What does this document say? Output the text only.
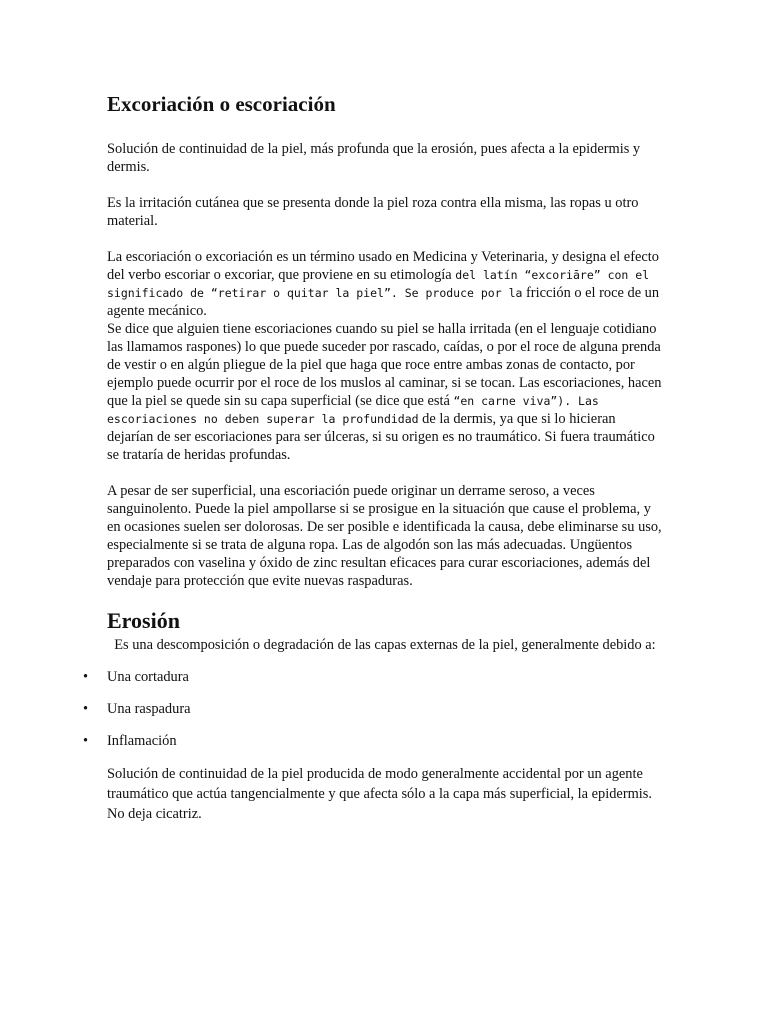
Excoriación o escoriación

Solución de continuidad de la piel, más profunda que la erosión, pues afecta a la epidermis y dermis.

Es la irritación cutánea que se presenta donde la piel roza contra ella misma, las ropas u otro material.

La escoriación o excoriación es un término usado en Medicina y Veterinaria, y designa el efecto del verbo escoriar o excoriar, que proviene en su etimología del latín “excoriāre” con el significado de “retirar o quitar la piel”. Se produce por la fricción o el roce de un agente mecánico.

Se dice que alguien tiene escoriaciones cuando su piel se halla irritada (en el lenguaje cotidiano las llamamos raspones) lo que puede suceder por rascado, caídas, o por el roce de alguna prenda de vestir o en algún pliegue de la piel que haga que roce entre ambas zonas de contacto, por ejemplo puede ocurrir por el roce de los muslos al caminar, si se tocan. Las escoriaciones, hacen que la piel se quede sin su capa superficial (se dice que está “en carne viva”). Las escoriaciones no deben superar la profundidad de la dermis, ya que si lo hicieran dejarían de ser escoriaciones para ser úlceras, si su origen es no traumático. Si fuera traumático se trataría de heridas profundas.

A pesar de ser superficial, una escoriación puede originar un derrame seroso, a veces sanguinolento. Puede la piel ampollarse si se prosigue en la situación que cause el problema, y en ocasiones suelen ser dolorosas. De ser posible e identificada la causa, debe eliminarse su uso, especialmente si se trata de alguna ropa. Las de algodón son las más adecuadas. Ungüentos preparados con vaselina y óxido de zinc resultan eficaces para curar escoriaciones, además del vendaje para protección que evite nuevas raspaduras.

Erosión

Es una descomposición o degradación de las capas externas de la piel, generalmente debido a:

• Una cortadura
• Una raspadura
• Inflamación

Solución de continuidad de la piel producida de modo generalmente accidental por un agente traumático que actúa tangencialmente y que afecta sólo a la capa más superficial, la epidermis. No deja cicatriz.
